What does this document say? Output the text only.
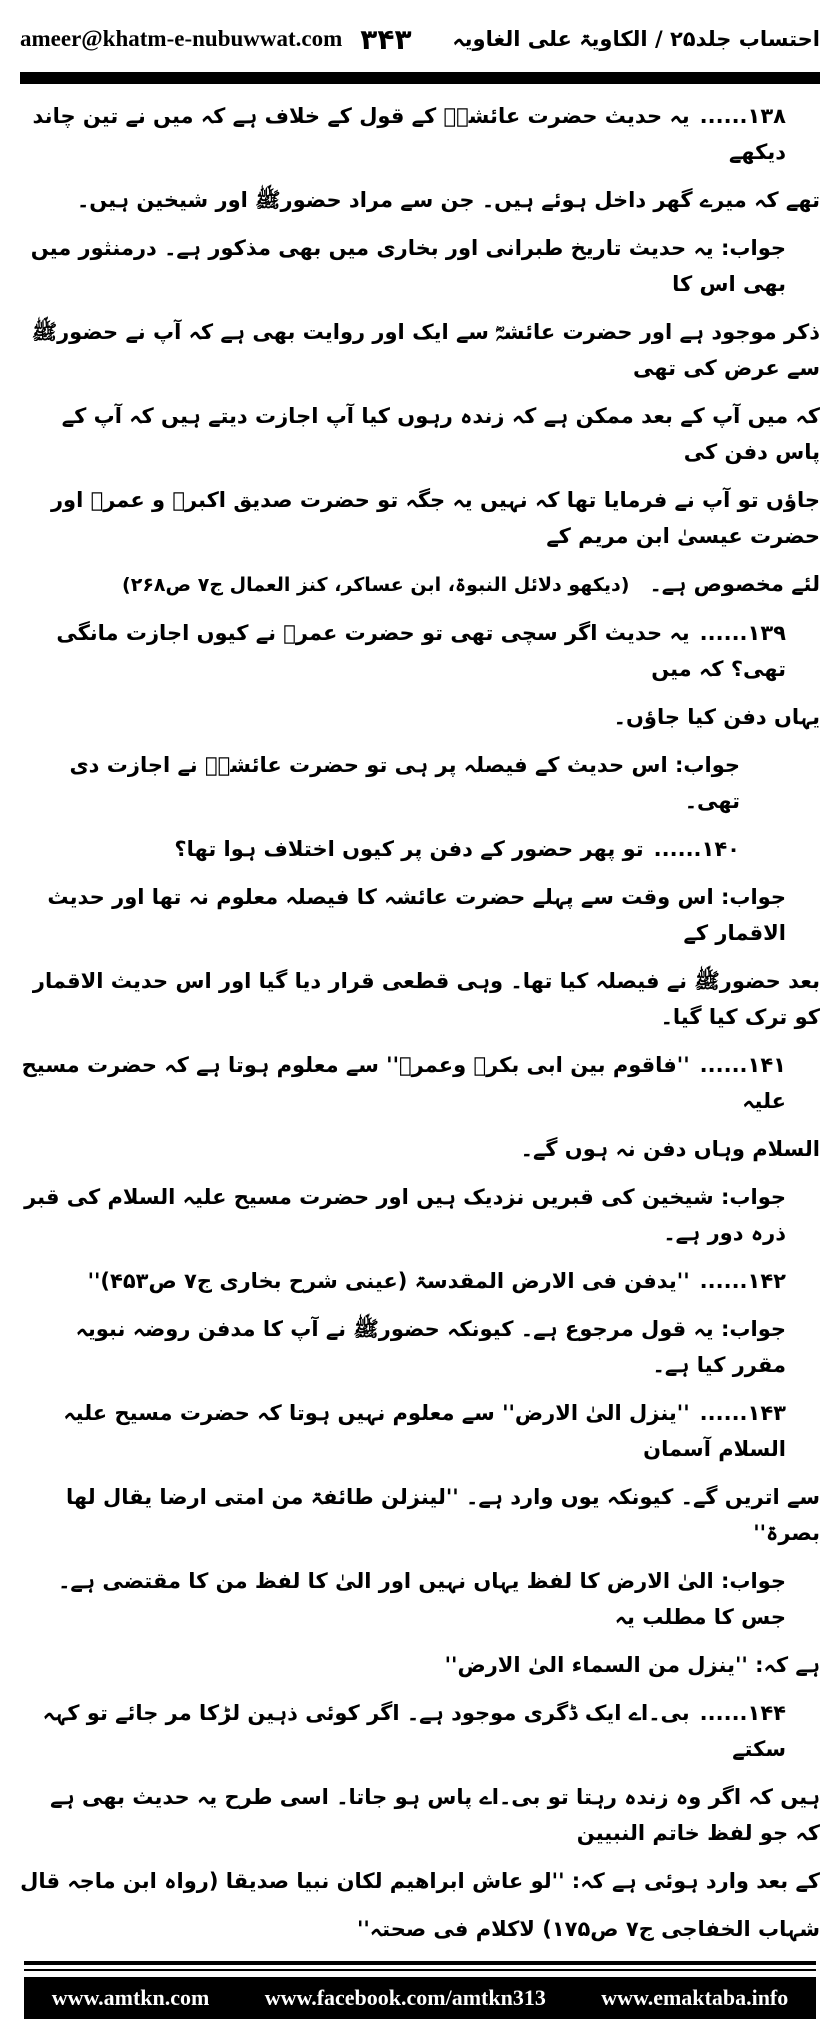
ameer@khatm-e-nubuwwat.com ۳۴۳ احتساب جلد۲۵ / الکاویۃ علی الغاویہ
۱۳۸......یہ حدیث حضرت عائشہؓ کے قول کے خلاف ہے کہ میں نے تین چاند دیکھے
تھے کہ میرے گھر داخل ہوئے ہیں۔ جن سے مراد حضورﷺ اور شیخین ہیں۔
جواب: یہ حدیث تاریخ طبرانی اور بخاری میں بھی مذکور ہے۔ درمنثور میں بھی اس کا
ذکر موجود ہے اور حضرت عائشہؓ سے ایک اور روایت بھی ہے کہ آپ نے حضورﷺ سے عرض کی تھی
کہ میں آپ کے بعد ممکن ہے کہ زندہ رہوں کیا آپ اجازت دیتے ہیں کہ آپ کے پاس دفن کی
جاؤں تو آپ نے فرمایا تھا کہ نہیں یہ جگہ تو حضرت صدیق اکبرؓ و عمرؓ اور حضرت عیسیٰ ابن مریم کے
لئے مخصوص ہے۔(دیکھو دلائل النبوۃ، ابن عساکر، کنز العمال ج۷ ص۲۶۸)
۱۳۹......یہ حدیث اگر سچی تھی تو حضرت عمرؓ نے کیوں اجازت مانگی تھی؟ کہ میں
یہاں دفن کیا جاؤں۔
جواب: اس حدیث کے فیصلہ پر ہی تو حضرت عائشہؓ نے اجازت دی تھی۔
۱۴۰......تو پھر حضور کے دفن پر کیوں اختلاف ہوا تھا؟
جواب: اس وقت سے پہلے حضرت عائشہ کا فیصلہ معلوم نہ تھا اور حدیث الاقمار کے
بعد حضورﷺ نے فیصلہ کیا تھا۔ وہی قطعی قرار دیا گیا اور اس حدیث الاقمار کو ترک کیا گیا۔
۱۴۱......''فاقوم بین ابی بکرؓ وعمرؓ'' سے معلوم ہوتا ہے کہ حضرت مسیح علیہ
السلام وہاں دفن نہ ہوں گے۔
جواب: شیخین کی قبریں نزدیک ہیں اور حضرت مسیح علیہ السلام کی قبر ذرہ دور ہے۔
۱۴۲......''یدفن فی الارض المقدسۃ (عینی شرح بخاری ج۷ ص۴۵۳)''
جواب: یہ قول مرجوع ہے۔ کیونکہ حضورﷺ نے آپ کا مدفن روضہ نبویہ مقرر کیا ہے۔
۱۴۳......''ینزل الیٰ الارض'' سے معلوم نہیں ہوتا کہ حضرت مسیح علیہ السلام آسمان
سے اتریں گے۔ کیونکہ یوں وارد ہے۔ ''لینزلن طائفۃ من امتی ارضا یقال لھا بصرۃ''
جواب: الیٰ الارض کا لفظ یہاں نہیں اور الیٰ کا لفظ من کا مقتضی ہے۔ جس کا مطلب یہ
ہے کہ: ''ینزل من السماء الیٰ الارض''
۱۴۴......بی۔اے ایک ڈگری موجود ہے۔ اگر کوئی ذہین لڑکا مر جائے تو کہہ سکتے
ہیں کہ اگر وہ زندہ رہتا تو بی۔اے پاس ہو جاتا۔ اسی طرح یہ حدیث بھی ہے کہ جو لفظ خاتم النبیین
کے بعد وارد ہوئی ہے کہ: ''لو عاش ابراھیم لکان نبیا صدیقا (رواہ ابن ماجہ قال
شہاب الخفاجی ج۷ ص۱۷۵) لاکلام فی صحتہ''
www.amtkn.com	www.facebook.com/amtkn313	www.emaktaba.info
